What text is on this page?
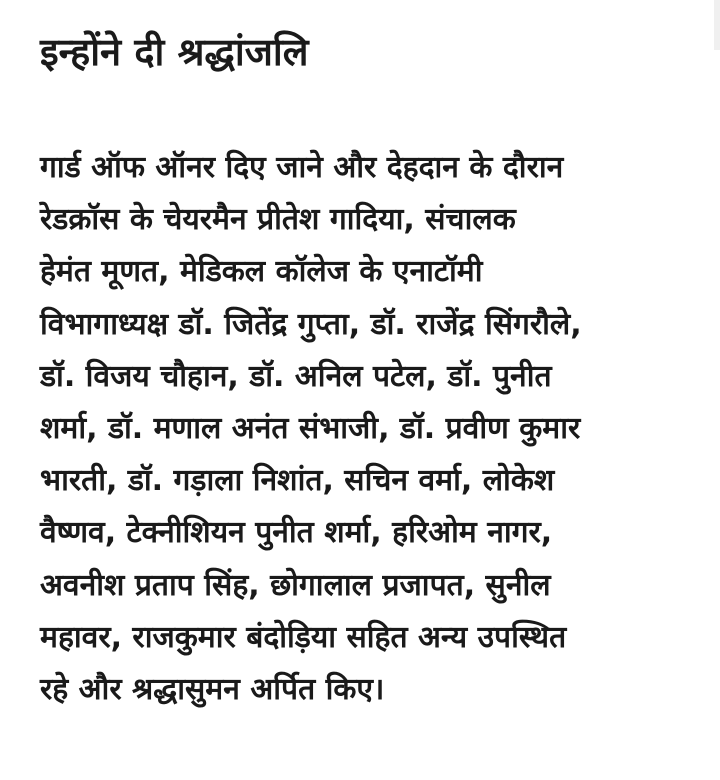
इन्होंने दी श्रद्धांजलि
गार्ड ऑफ ऑनर दिए जाने और देहदान के दौरान
रेडक्रॉस के चेयरमैन प्रीतेश गादिया, संचालक
हेमंत मूणत, मेडिकल कॉलेज के एनाटॉमी
विभागाध्यक्ष डॉ. जितेंद्र गुप्ता, डॉ. राजेंद्र सिंगरौले,
डॉ. विजय चौहान, डॉ. अनिल पटेल, डॉ. पुनीत
शर्मा, डॉ. मणाल अनंत संभाजी, डॉ. प्रवीण कुमार
भारती, डॉ. गड़ाला निशांत, सचिन वर्मा, लोकेश
वैष्णव, टेक्नीशियन पुनीत शर्मा, हरिओम नागर,
अवनीश प्रताप सिंह, छोगालाल प्रजापत, सुनील
महावर, राजकुमार बंदोड़िया सहित अन्य उपस्थित
रहे और श्रद्धासुमन अर्पित किए।
